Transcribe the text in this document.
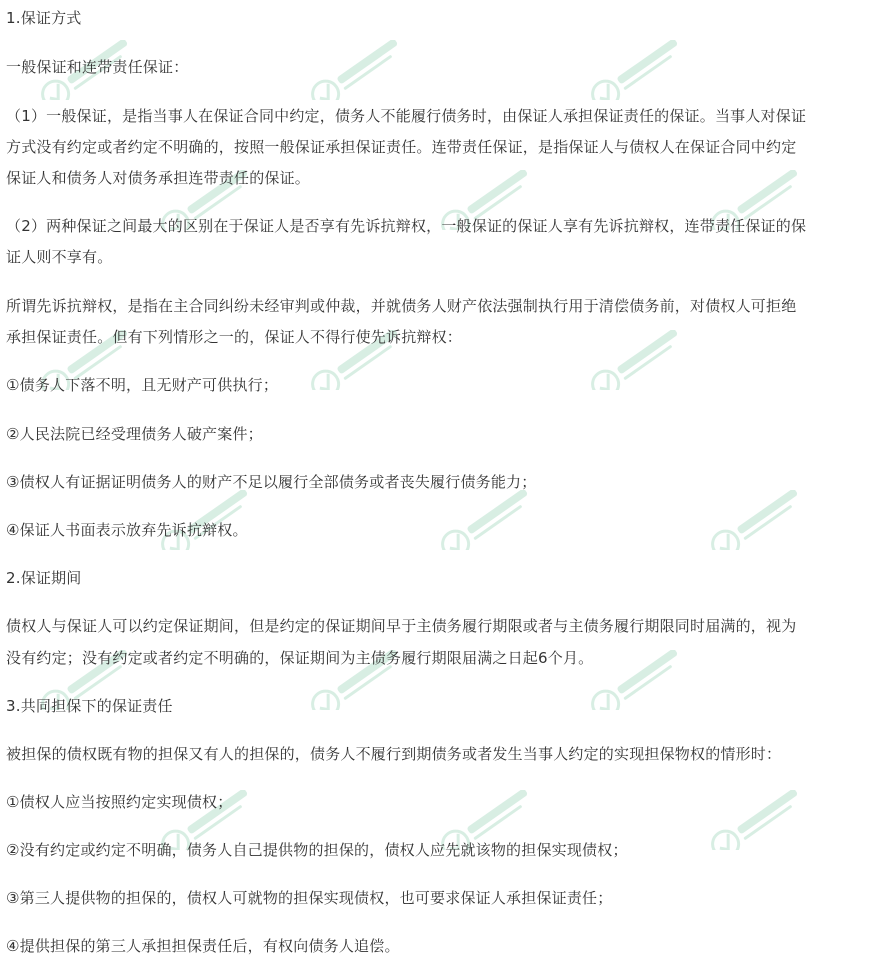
1.保证方式
一般保证和连带责任保证：
（1）一般保证，是指当事人在保证合同中约定，债务人不能履行债务时，由保证人承担保证责任的保证。当事人对保证
方式没有约定或者约定不明确的，按照一般保证承担保证责任。连带责任保证，是指保证人与债权人在保证合同中约定
保证人和债务人对债务承担连带责任的保证。
（2）两种保证之间最大的区别在于保证人是否享有先诉抗辩权，一般保证的保证人享有先诉抗辩权，连带责任保证的保
证人则不享有。
所谓先诉抗辩权，是指在主合同纠纷未经审判或仲裁，并就债务人财产依法强制执行用于清偿债务前，对债权人可拒绝
承担保证责任。但有下列情形之一的，保证人不得行使先诉抗辩权：
①债务人下落不明，且无财产可供执行；
②人民法院已经受理债务人破产案件；
③债权人有证据证明债务人的财产不足以履行全部债务或者丧失履行债务能力；
④保证人书面表示放弃先诉抗辩权。
2.保证期间
债权人与保证人可以约定保证期间，但是约定的保证期间早于主债务履行期限或者与主债务履行期限同时届满的，视为
没有约定；没有约定或者约定不明确的，保证期间为主债务履行期限届满之日起6个月。
3.共同担保下的保证责任
被担保的债权既有物的担保又有人的担保的，债务人不履行到期债务或者发生当事人约定的实现担保物权的情形时：
①债权人应当按照约定实现债权；
②没有约定或约定不明确，债务人自己提供物的担保的，债权人应先就该物的担保实现债权；
③第三人提供物的担保的，债权人可就物的担保实现债权，也可要求保证人承担保证责任；
④提供担保的第三人承担担保责任后，有权向债务人追偿。
